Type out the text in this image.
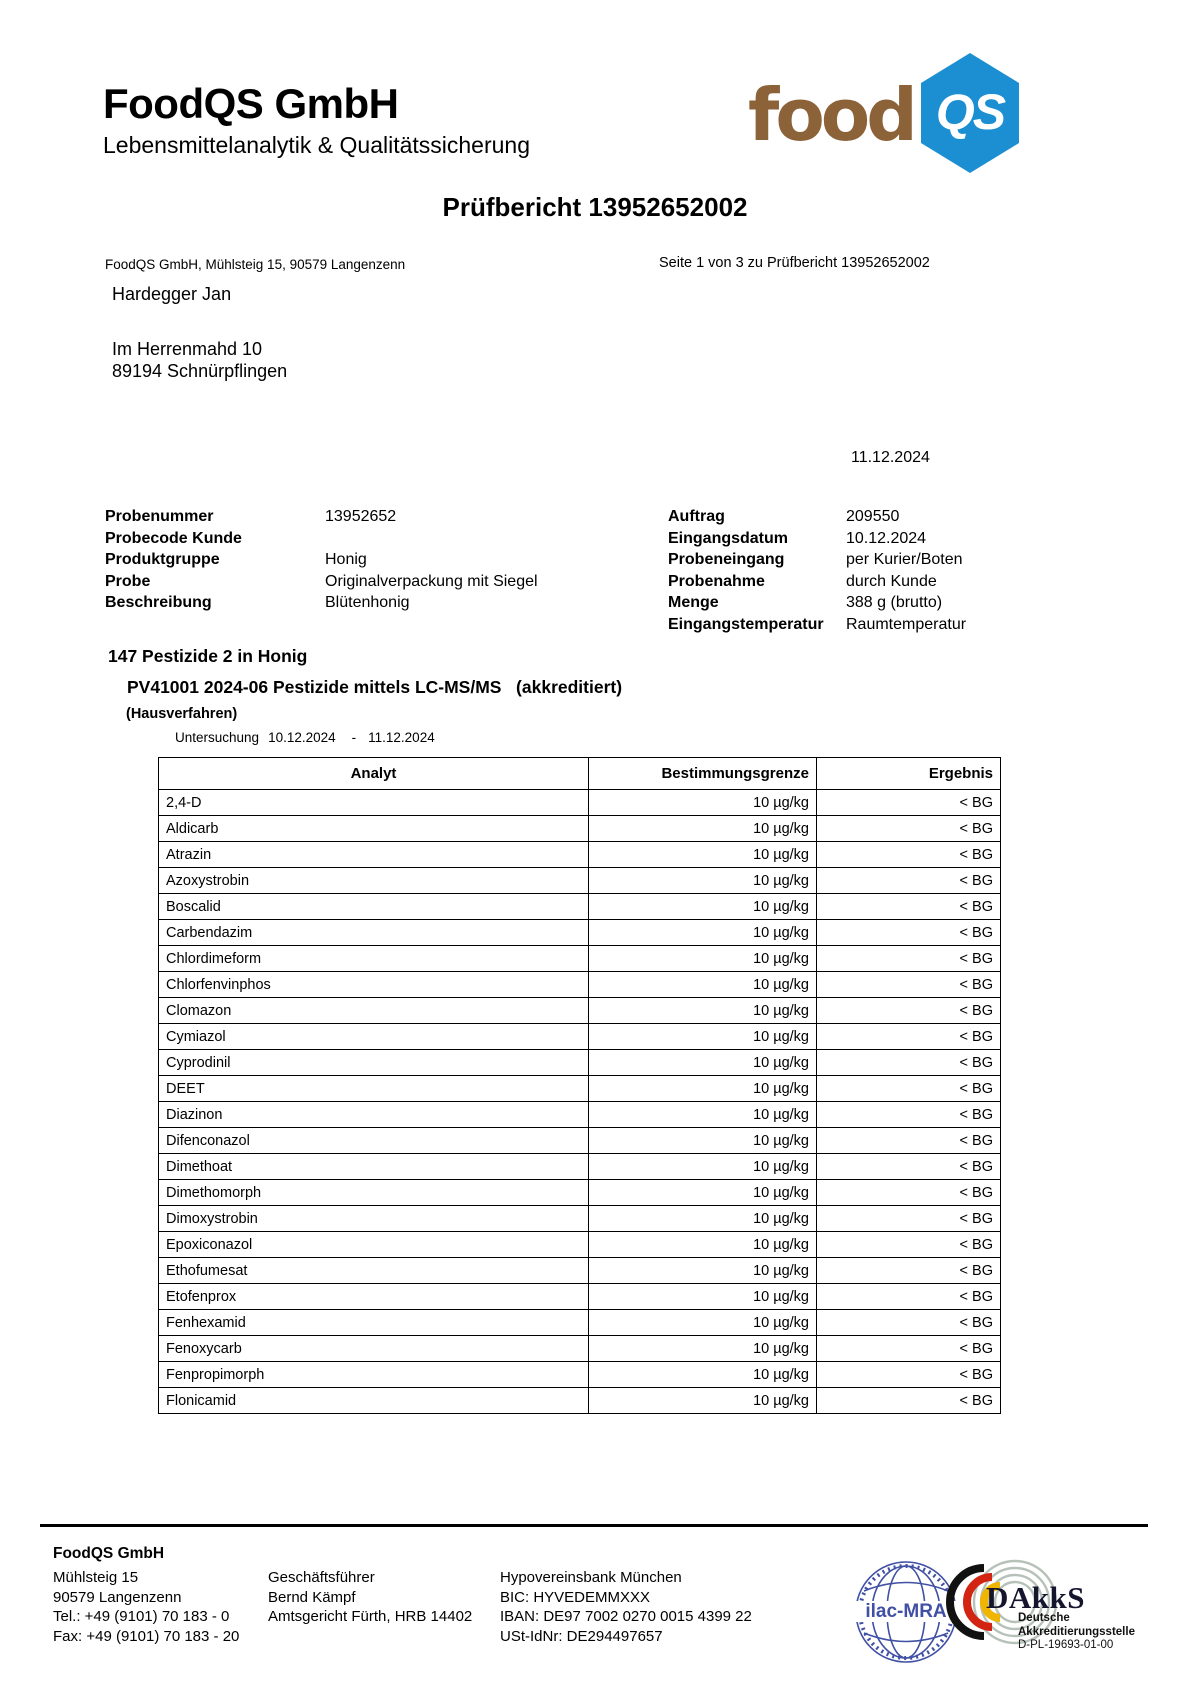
FoodQS GmbH
Lebensmittelanalytik & Qualitätssicherung	food QS
Prüfbericht 13952652002
FoodQS GmbH, Mühlsteig 15, 90579 Langenzenn	Seite 1 von 3 zu Prüfbericht 13952652002
Hardegger Jan
Im Herrenmahd 10
89194 Schnürpflingen
11.12.2024
Probenummer	13952652
Probecode Kunde
Produktgruppe	Honig
Probe	Originalverpackung mit Siegel
Beschreibung	Blütenhonig
Auftrag	209550
Eingangsdatum	10.12.2024
Probeneingang	per Kurier/Boten
Probenahme	durch Kunde
Menge	388 g (brutto)
Eingangstemperatur	Raumtemperatur
147 Pestizide 2 in Honig
PV41001 2024-06 Pestizide mittels LC-MS/MS   (akkreditiert)
(Hausverfahren)
Untersuchung 10.12.2024 - 11.12.2024
Analyt	Bestimmungsgrenze	Ergebnis
2,4-D	10 µg/kg	< BG
Aldicarb	10 µg/kg	< BG
Atrazin	10 µg/kg	< BG
Azoxystrobin	10 µg/kg	< BG
Boscalid	10 µg/kg	< BG
Carbendazim	10 µg/kg	< BG
Chlordimeform	10 µg/kg	< BG
Chlorfenvinphos	10 µg/kg	< BG
Clomazon	10 µg/kg	< BG
Cymiazol	10 µg/kg	< BG
Cyprodinil	10 µg/kg	< BG
DEET	10 µg/kg	< BG
Diazinon	10 µg/kg	< BG
Difenconazol	10 µg/kg	< BG
Dimethoat	10 µg/kg	< BG
Dimethomorph	10 µg/kg	< BG
Dimoxystrobin	10 µg/kg	< BG
Epoxiconazol	10 µg/kg	< BG
Ethofumesat	10 µg/kg	< BG
Etofenprox	10 µg/kg	< BG
Fenhexamid	10 µg/kg	< BG
Fenoxycarb	10 µg/kg	< BG
Fenpropimorph	10 µg/kg	< BG
Flonicamid	10 µg/kg	< BG
FoodQS GmbH
Mühlsteig 15
90579 Langenzenn
Tel.: +49 (9101) 70 183 - 0
Fax: +49 (9101) 70 183 - 20
Geschäftsführer
Bernd Kämpf
Amtsgericht Fürth, HRB 14402
Hypovereinsbank München
BIC: HYVEDEMMXXX
IBAN: DE97 7002 0270 0015 4399 22
USt-IdNr: DE294497657
ilac-MRA DAkkS
Deutsche
Akkreditierungsstelle
D-PL-19693-01-00
